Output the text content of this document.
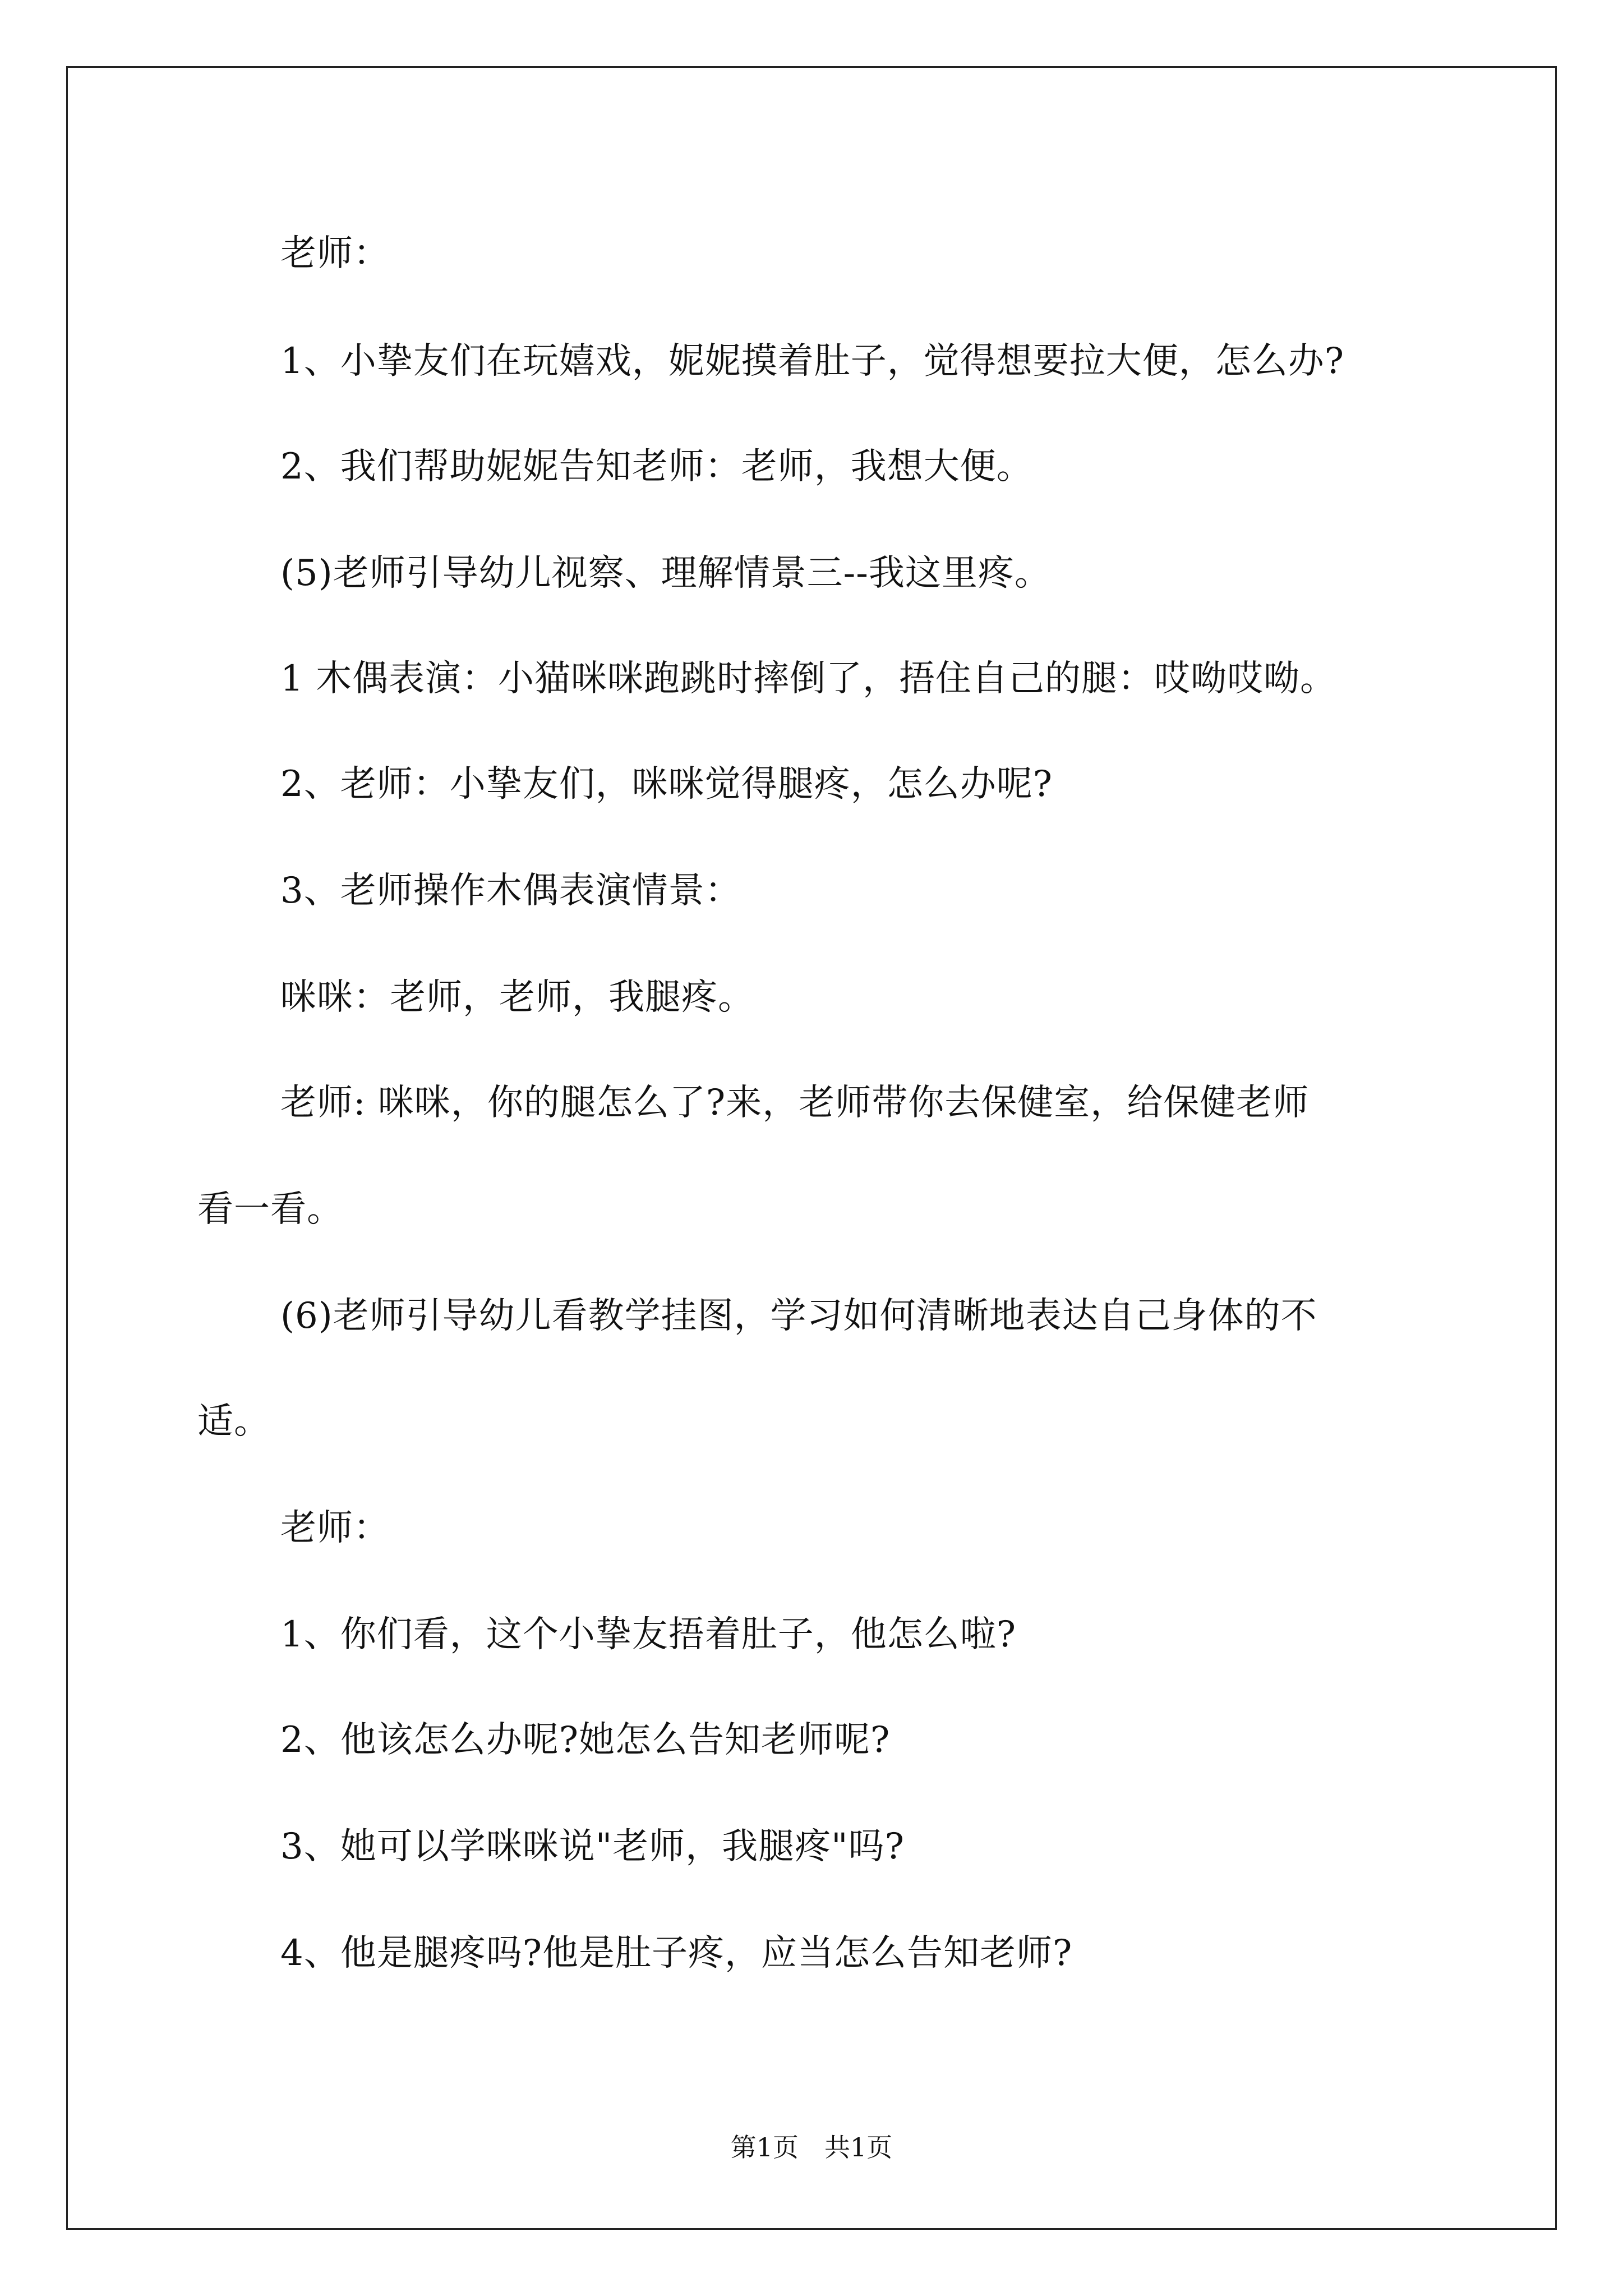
老师：
1、小挚友们在玩嬉戏，妮妮摸着肚子，觉得想要拉大便，怎么办?
2、我们帮助妮妮告知老师：老师，我想大便。
(5)老师引导幼儿视察、理解情景三--我这里疼。
1 木偶表演：小猫咪咪跑跳时摔倒了，捂住自己的腿：哎呦哎呦。
2、老师：小挚友们，咪咪觉得腿疼，怎么办呢?
3、老师操作木偶表演情景：
咪咪：老师，老师，我腿疼。
老师: 咪咪，你的腿怎么了?来，老师带你去保健室，给保健老师
看一看。
(6)老师引导幼儿看教学挂图，学习如何清晰地表达自己身体的不
适。
老师：
1、你们看，这个小挚友捂着肚子，他怎么啦?
2、他该怎么办呢?她怎么告知老师呢?
3、她可以学咪咪说"老师，我腿疼"吗?
4、他是腿疼吗?他是肚子疼，应当怎么告知老师?
第1页　共1页
